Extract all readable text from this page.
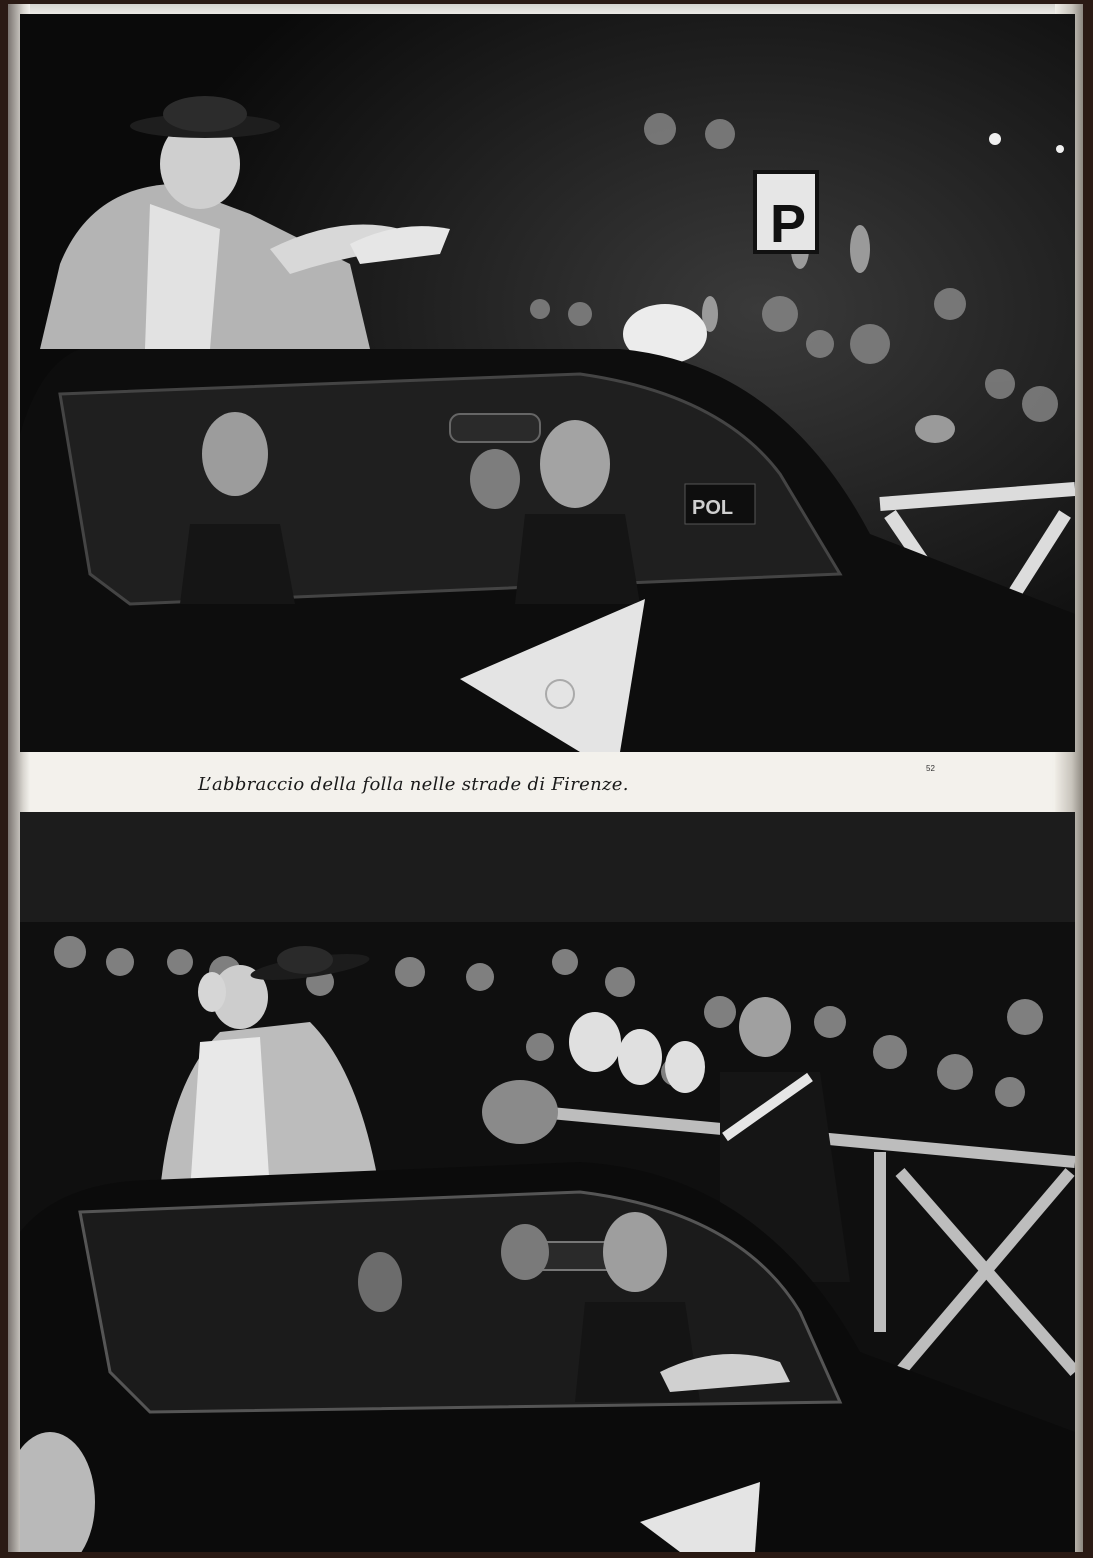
P
POL

L’abbraccio della folla nelle strade di Firenze.

52
